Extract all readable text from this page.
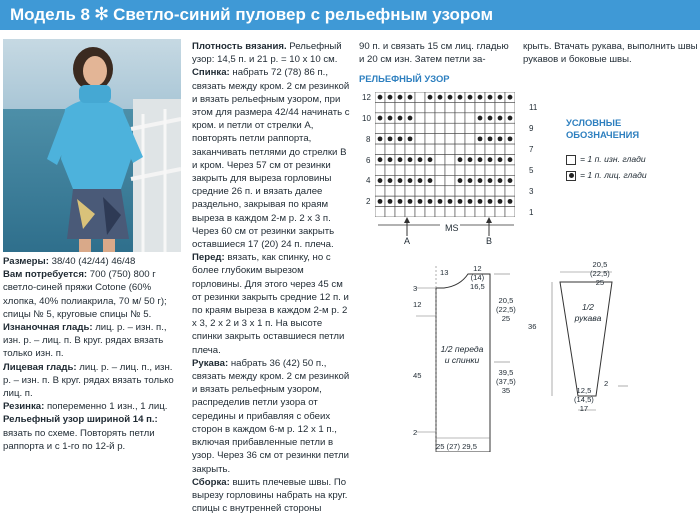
Модель 8 ✻ Светло-синий пуловер с рельефным узором

Размеры: 38/40 (42/44) 46/48

Вам потребуется: 700 (750) 800 г светло-синей пряжи Cotone (60% хлопка, 40% полиакрила, 70 м/ 50 г); спицы № 5, круговые спицы № 5.

Изнаночная гладь: лиц. р. – изн. п., изн. р. – лиц. п. В круг. рядах вязать только изн. п.

Лицевая гладь: лиц. р. – лиц. п., изн. р. – изн. п. В круг. рядах вязать только лиц. п.

Резинка: попеременно 1 изн., 1 лиц.

Рельефный узор шириной 14 п.: вязать по схеме. Повторять петли раппорта и с 1-го по 12-й р.

Плотность вязания. Рельефный узор: 14,5 п. и 21 р. = 10 х 10 см.

Спинка: набрать 72 (78) 86 п., связать между кром. 2 см резинкой и вязать рельефным узором, при этом для размера 42/44 начинать с кром. и петли от стрелки А, повторять петли раппорта, заканчивать петлями до стрелки В и кром. Через 57 см от резинки закрыть для выреза горловины средние 26 п. и вязать далее раздельно, закрывая по краям выреза в каждом 2-м р. 2 х 3 п. Через 60 см от резинки закрыть оставшиеся 17 (20) 24 п. плеча.

Перед: вязать, как спинку, но с более глубоким вырезом горловины. Для этого через 45 см от резинки закрыть средние 12 п. и по краям выреза в каждом 2-м р. 2 х 3, 2 х 2 и 3 х 1 п. На высоте спинки закрыть оставшиеся петли плеча.

Рукава: набрать 36 (42) 50 п., связать между кром. 2 см резинкой и вязать рельефным узором, распределив петли узора от середины и прибавляя с обеих сторон в каждом 6-м р. 12 х 1 п., включая прибавленные петли в узор. Через 36 см от резинки петли закрыть.

Сборка: вшить плечевые швы. По вырезу горловины набрать на круг. спицы с внутренней стороны

90 п. и связать 15 см лиц. гладью и 20 см изн. Затем петли за-

крыть. Втачать рукава, выполнить швы рукавов и боковые швы.

РЕЛЬЕФНЫЙ УЗОР
12
10
8
6
4
2
11
9
7
5
3
1
A
MS
B
УСЛОВНЫЕ
ОБОЗНАЧЕНИЯ
= 1 п. изн. глади
= 1 п. лиц. глади
13	12
(14)
16,5
3
12
45
2
20,5
(22,5)
25
39,5
(37,5)
35
25 (27) 29,5
1/2 переда
и спинки
20,5
(22,5)
25
36
2
12,5
(14,5)
17
1/2
рукава
